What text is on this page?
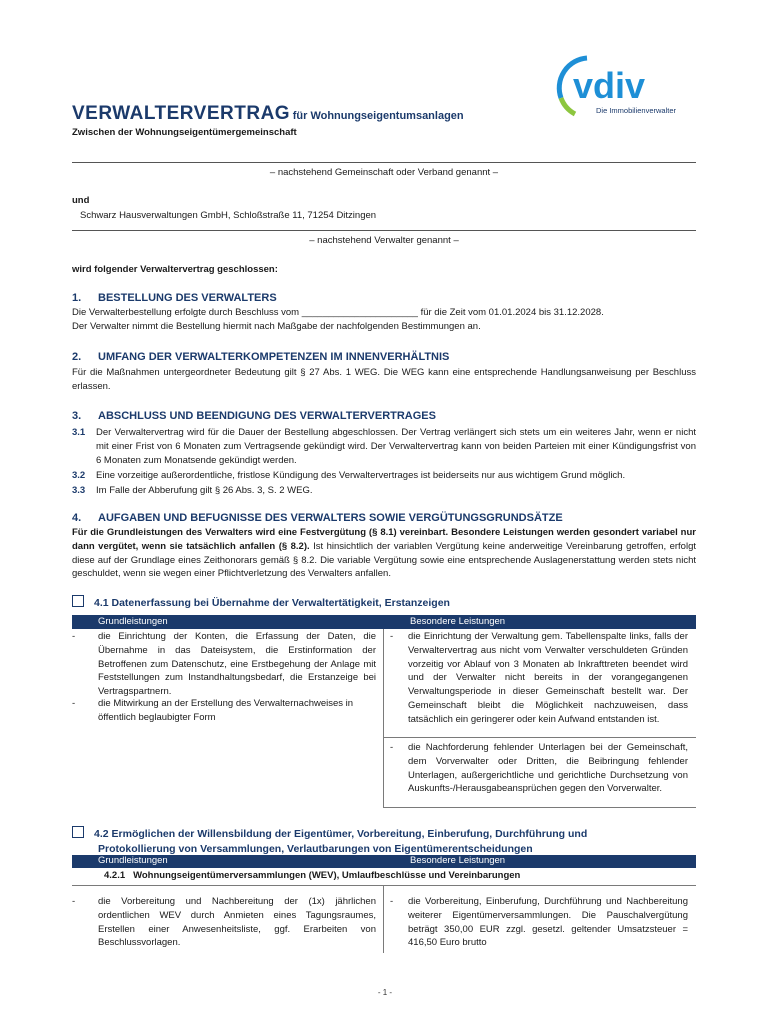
VERWALTERVERTRAG für Wohnungseigentumsanlagen
vdiv
Die Immobilienverwalter
Zwischen der Wohnungseigentümergemeinschaft
– nachstehend Gemeinschaft oder Verband genannt –
und
Schwarz Hausverwaltungen GmbH, Schloßstraße 11, 71254 Ditzingen
– nachstehend Verwalter genannt –
wird folgender Verwaltervertrag geschlossen:
1. BESTELLUNG DES VERWALTERS
Die Verwalterbestellung erfolgte durch Beschluss vom ______________________ für die Zeit vom 01.01.2024 bis 31.12.2028.
Der Verwalter nimmt die Bestellung hiermit nach Maßgabe der nachfolgenden Bestimmungen an.
2. UMFANG DER VERWALTERKOMPETENZEN IM INNENVERHÄLTNIS
Für die Maßnahmen untergeordneter Bedeutung gilt § 27 Abs. 1 WEG. Die WEG kann eine entsprechende Handlungsanweisung per Beschluss erlassen.
3. ABSCHLUSS UND BEENDIGUNG DES VERWALTERVERTRAGES
3.1 Der Verwaltervertrag wird für die Dauer der Bestellung abgeschlossen. Der Vertrag verlängert sich stets um ein weiteres Jahr, wenn er nicht mit einer Frist von 6 Monaten zum Vertragsende gekündigt wird. Der Verwaltervertrag kann von beiden Parteien mit einer Kündigungsfrist von 6 Monaten zum Monatsende gekündigt werden.
3.2 Eine vorzeitige außerordentliche, fristlose Kündigung des Verwaltervertrages ist beiderseits nur aus wichtigem Grund möglich.
3.3 Im Falle der Abberufung gilt § 26 Abs. 3, S. 2 WEG.
4. AUFGABEN UND BEFUGNISSE DES VERWALTERS SOWIE VERGÜTUNGSGRUNDSÄTZE
Für die Grundleistungen des Verwalters wird eine Festvergütung (§ 8.1) vereinbart. Besondere Leistungen werden gesondert variabel nur dann vergütet, wenn sie tatsächlich anfallen (§ 8.2). Ist hinsichtlich der variablen Vergütung keine anderweitige Vereinbarung getroffen, erfolgt diese auf der Grundlage eines Zeithonorars gemäß § 8.2. Die variable Vergütung sowie eine entsprechende Auslagenerstattung werden stets nicht geschuldet, wenn sie wegen einer Pflichtverletzung des Verwalters anfallen.
4.1 Datenerfassung bei Übernahme der Verwaltertätigkeit, Erstanzeigen
Grundleistungen	Besondere Leistungen
- die Einrichtung der Konten, die Erfassung der Daten, die Übernahme in das Dateisystem, die Erstinformation der Betroffenen zum Datenschutz, eine Erstbegehung der Anlage mit Feststellungen zum Instandhaltungsbedarf, die Erstanzeige bei Vertragspartnern.
- die Mitwirkung an der Erstellung des Verwalternachweises in öffentlich beglaubigter Form
- die Einrichtung der Verwaltung gem. Tabellenspalte links, falls der Verwaltervertrag aus nicht vom Verwalter verschuldeten Gründen vorzeitig vor Ablauf von 3 Monaten ab Inkrafttreten beendet wird und der Verwalter nicht bereits in der vorangegangenen Verwaltungsperiode in dieser Gemeinschaft bestellt war. Der Gemeinschaft bleibt die Möglichkeit nachzuweisen, dass tatsächlich ein geringerer oder kein Aufwand entstanden ist.
- die Nachforderung fehlender Unterlagen bei der Gemeinschaft, dem Vorverwalter oder Dritten, die Beibringung fehlender Unterlagen, außergerichtliche und gerichtliche Durchsetzung von Auskunfts-/Herausgabeansprüchen gegen den Vorverwalter.
4.2 Ermöglichen der Willensbildung der Eigentümer, Vorbereitung, Einberufung, Durchführung und
Protokollierung von Versammlungen, Verlautbarungen von Eigentümerentscheidungen
Grundleistungen	Besondere Leistungen
4.2.1 Wohnungseigentümerversammlungen (WEV), Umlaufbeschlüsse und Vereinbarungen
- die Vorbereitung und Nachbereitung der (1x) jährlichen ordentlichen WEV durch Anmieten eines Tagungsraumes, Erstellen einer Anwesenheitsliste, ggf. Erarbeiten von Beschlussvorlagen.
- die Vorbereitung, Einberufung, Durchführung und Nachbereitung weiterer Eigentümerversammlungen. Die Pauschalvergütung beträgt 350,00 EUR zzgl. gesetzl. geltender Umsatzsteuer = 416,50 Euro brutto
- 1 -
